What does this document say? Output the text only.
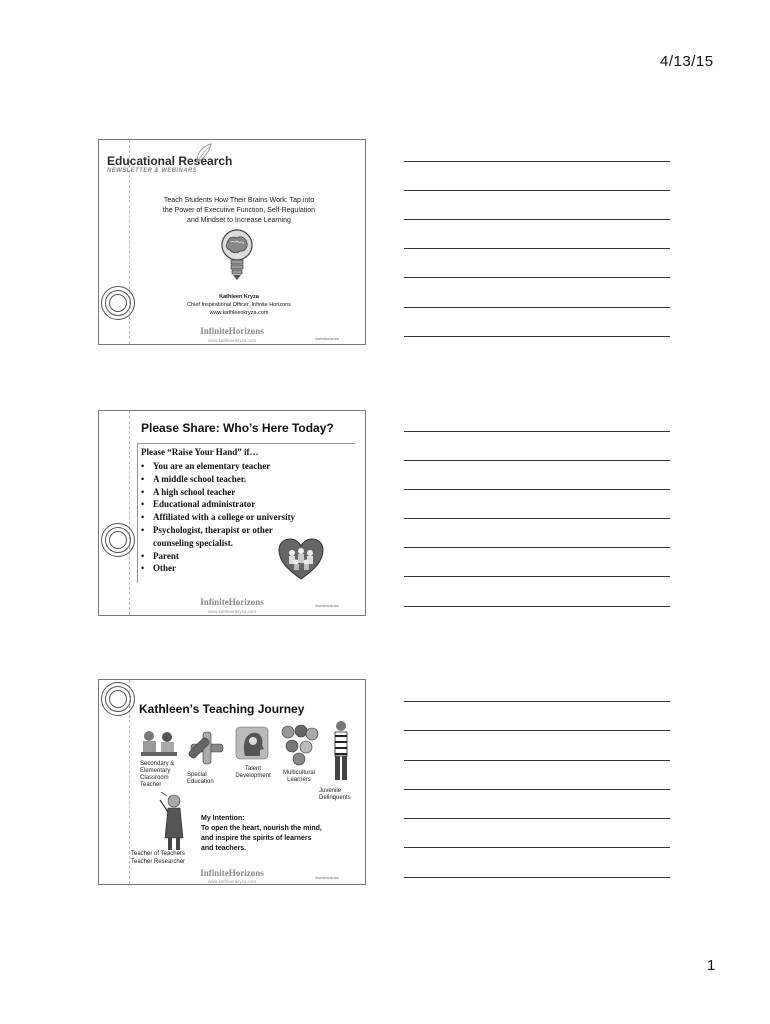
4/13/15
Educational Research
NEWSLETTER & WEBINARS
Teach Students How Their Brains Work: Tap into
the Power of Executive Function, Self-Regulation
and Mindset to Increase Learning
Kathleen Kryza
Chief Inspirational Officer, Infinite Horizons
www.kathleenkryza.com
InfiniteHorizons
www.kathleenkryza.com	ewmhorizons
Please Share: Who’s Here Today?
Please “Raise Your Hand” if…
• You are an elementary teacher
• A middle school teacher.
• A high school teacher
• Educational administrator
• Affiliated with a college or university
• Psychologist, therapist or other counseling specialist.
• Parent
• Other
InfiniteHorizons
www.kathleenkryza.com
ewmhorizons
Kathleen’s Teaching Journey
Secondary & Elementary Classroom Teacher
Special Education
Talent Development	Multicultural Learners
Juvenile Delinquents
Teacher of Teachers
Teacher Researcher
My Intention:
To open the heart, nourish the mind,
and inspire the spirits of learners
and teachers.
InfiniteHorizons
www.kathleenkryza.com
ewmhorizons
1
